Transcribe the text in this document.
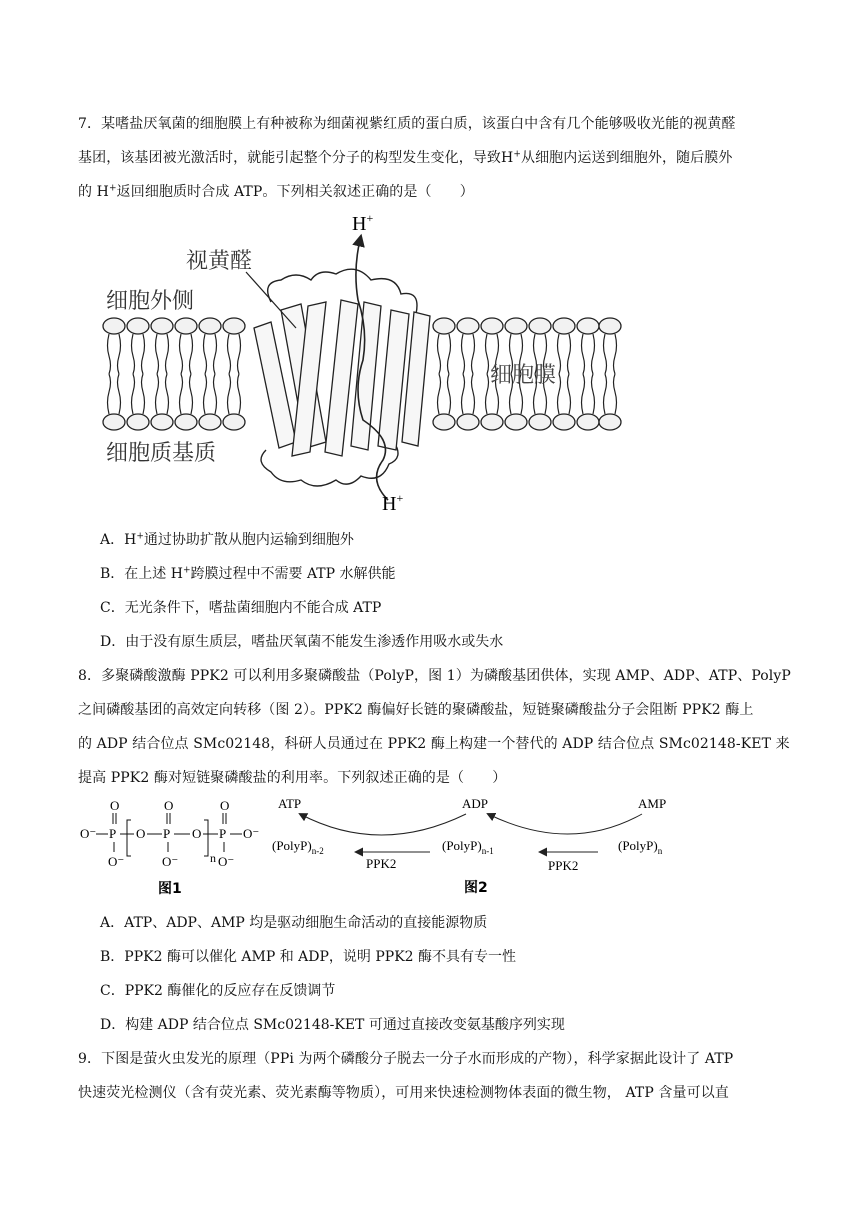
7．某嗜盐厌氧菌的细胞膜上有种被称为细菌视紫红质的蛋白质，该蛋白中含有几个能够吸收光能的视黄醛
基团，该基团被光激活时，就能引起整个分子的构型发生变化，导致H+从细胞内运送到细胞外，随后膜外
的 H+返回细胞质时合成 ATP。下列相关叙述正确的是（　　）
H+
H+
视黄醛
细胞外侧
细胞膜
细胞质基质
A．H+通过协助扩散从胞内运输到细胞外
B．在上述 H+跨膜过程中不需要 ATP 水解供能
C．无光条件下，嗜盐菌细胞内不能合成 ATP
D．由于没有原生质层，嗜盐厌氧菌不能发生渗透作用吸水或失水
8．多聚磷酸激酶 PPK2 可以利用多聚磷酸盐（PolyP，图 1）为磷酸基团供体，实现 AMP、ADP、ATP、PolyP
之间磷酸基团的高效定向转移（图 2）。PPK2 酶偏好长链的聚磷酸盐，短链聚磷酸盐分子会阻断 PPK2 酶上
的 ADP 结合位点 SMc02148，科研人员通过在 PPK2 酶上构建一个替代的 ADP 结合位点 SMc02148-KET 来
提高 PPK2 酶对短链聚磷酸盐的利用率。下列叙述正确的是（　　）
O	O	O
O⁻ P O P O P O⁻
O⁻	O⁻	O⁻
n
图1
ATP	ADP	AMP
$(PolyP)_{n-2}$	$(PolyP)_{n-1}$	$(PolyP)_n$
PPK2	PPK2
图2
A．ATP、ADP、AMP 均是驱动细胞生命活动的直接能源物质
B．PPK2 酶可以催化 AMP 和 ADP，说明 PPK2 酶不具有专一性
C．PPK2 酶催化的反应存在反馈调节
D．构建 ADP 结合位点 SMc02148-KET 可通过直接改变氨基酸序列实现
9．下图是萤火虫发光的原理（PPi 为两个磷酸分子脱去一分子水而形成的产物），科学家据此设计了 ATP
快速荧光检测仪（含有荧光素、荧光素酶等物质），可用来快速检测物体表面的微生物， ATP 含量可以直
